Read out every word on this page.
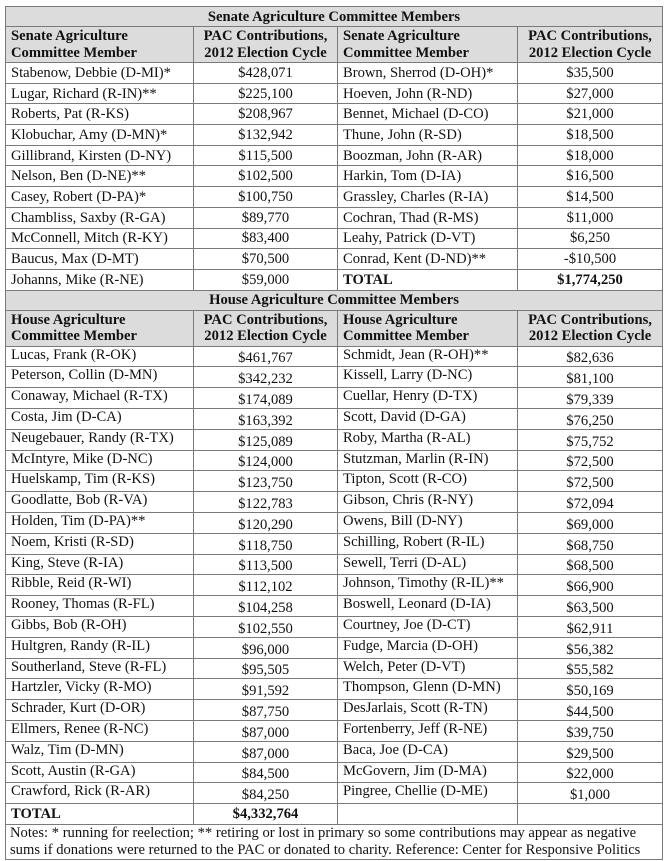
Senate Agriculture Committee Members			
Senate Agriculture Committee Member	PAC Contributions, 2012 Election Cycle	Senate Agriculture Committee Member	PAC Contributions, 2012 Election Cycle
Stabenow, Debbie (D-MI)*	$428,071	Brown, Sherrod (D-OH)*	$35,500
Lugar, Richard (R-IN)**	$225,100	Hoeven, John (R-ND)	$27,000
Roberts, Pat (R-KS)	$208,967	Bennet, Michael (D-CO)	$21,000
Klobuchar, Amy (D-MN)*	$132,942	Thune, John (R-SD)	$18,500
Gillibrand, Kirsten (D-NY)	$115,500	Boozman, John (R-AR)	$18,000
Nelson, Ben (D-NE)**	$102,500	Harkin, Tom (D-IA)	$16,500
Casey, Robert (D-PA)*	$100,750	Grassley, Charles (R-IA)	$14,500
Chambliss, Saxby (R-GA)	$89,770	Cochran, Thad (R-MS)	$11,000
McConnell, Mitch (R-KY)	$83,400	Leahy, Patrick (D-VT)	$6,250
Baucus, Max (D-MT)	$70,500	Conrad, Kent (D-ND)**	-$10,500
Johanns, Mike (R-NE)	$59,000	TOTAL	$1,774,250
House Agriculture Committee Members			
House Agriculture Committee Member	PAC Contributions, 2012 Election Cycle	House Agriculture Committee Member	PAC Contributions, 2012 Election Cycle
Lucas, Frank (R-OK)	$461,767	Schmidt, Jean (R-OH)**	$82,636
Peterson, Collin (D-MN)	$342,232	Kissell, Larry (D-NC)	$81,100
Conaway, Michael (R-TX)	$174,089	Cuellar, Henry (D-TX)	$79,339
Costa, Jim (D-CA)	$163,392	Scott, David (D-GA)	$76,250
Neugebauer, Randy (R-TX)	$125,089	Roby, Martha (R-AL)	$75,752
McIntyre, Mike (D-NC)	$124,000	Stutzman, Marlin (R-IN)	$72,500
Huelskamp, Tim (R-KS)	$123,750	Tipton, Scott (R-CO)	$72,500
Goodlatte, Bob (R-VA)	$122,783	Gibson, Chris (R-NY)	$72,094
Holden, Tim (D-PA)**	$120,290	Owens, Bill (D-NY)	$69,000
Noem, Kristi (R-SD)	$118,750	Schilling, Robert (R-IL)	$68,750
King, Steve (R-IA)	$113,500	Sewell, Terri (D-AL)	$68,500
Ribble, Reid (R-WI)	$112,102	Johnson, Timothy (R-IL)**	$66,900
Rooney, Thomas (R-FL)	$104,258	Boswell, Leonard (D-IA)	$63,500
Gibbs, Bob (R-OH)	$102,550	Courtney, Joe (D-CT)	$62,911
Hultgren, Randy (R-IL)	$96,000	Fudge, Marcia (D-OH)	$56,382
Southerland, Steve (R-FL)	$95,505	Welch, Peter (D-VT)	$55,582
Hartzler, Vicky (R-MO)	$91,592	Thompson, Glenn (D-MN)	$50,169
Schrader, Kurt (D-OR)	$87,750	DesJarlais, Scott (R-TN)	$44,500
Ellmers, Renee (R-NC)	$87,000	Fortenberry, Jeff (R-NE)	$39,750
Walz, Tim (D-MN)	$87,000	Baca, Joe (D-CA)	$29,500
Scott, Austin (R-GA)	$84,500	McGovern, Jim (D-MA)	$22,000
Crawford, Rick (R-AR)	$84,250	Pingree, Chellie (D-ME)	$1,000
TOTAL	$4,332,764		
Notes: * running for reelection; ** retiring or lost in primary so some contributions may appear as negative sums if donations were returned to the PAC or donated to charity. Reference: Center for Responsive Politics			
